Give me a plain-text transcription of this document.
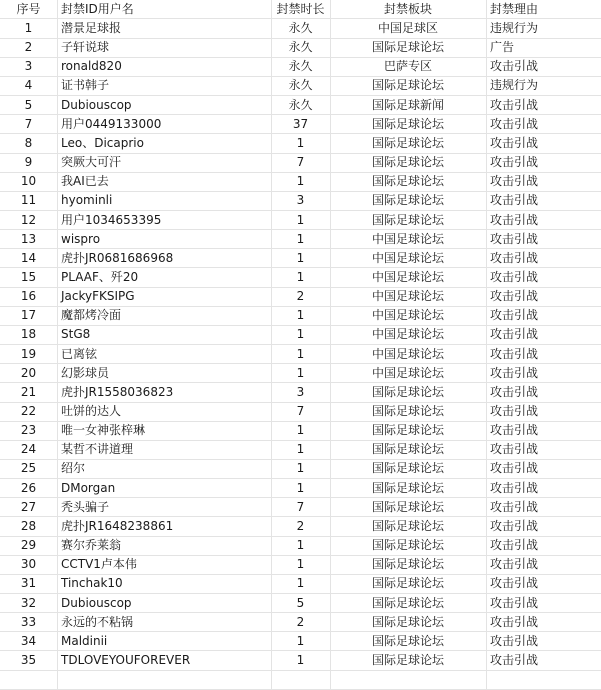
序号	封禁ID用户名	封禁时长	封禁板块	封禁理由
1	潜景足球报	永久	中国足球区	违规行为
2	子轩说球	永久	国际足球论坛	广告
3	ronald820	永久	巴萨专区	攻击引战
4	证书韩子	永久	国际足球论坛	违规行为
5	Dubiouscop	永久	国际足球新闻	攻击引战
7	用户0449133000	37	国际足球论坛	攻击引战
8	Leo、Dicaprio	1	国际足球论坛	攻击引战
9	突厥大可汗	7	国际足球论坛	攻击引战
10	我AI已去	1	国际足球论坛	攻击引战
11	hyominli	3	国际足球论坛	攻击引战
12	用户1034653395	1	国际足球论坛	攻击引战
13	wispro	1	中国足球论坛	攻击引战
14	虎扑JR0681686968	1	中国足球论坛	攻击引战
15	PLAAF、歼20	1	中国足球论坛	攻击引战
16	JackyFKSIPG	2	中国足球论坛	攻击引战
17	魔都烤冷面	1	中国足球论坛	攻击引战
18	StG8	1	中国足球论坛	攻击引战
19	已离铉	1	中国足球论坛	攻击引战
20	幻影球员	1	中国足球论坛	攻击引战
21	虎扑JR1558036823	3	国际足球论坛	攻击引战
22	吐饼的达人	7	国际足球论坛	攻击引战
23	唯一女神张梓琳	1	国际足球论坛	攻击引战
24	某哲不讲道理	1	国际足球论坛	攻击引战
25	绍尔	1	国际足球论坛	攻击引战
26	DMorgan	1	国际足球论坛	攻击引战
27	秃头骗子	7	国际足球论坛	攻击引战
28	虎扑JR1648238861	2	国际足球论坛	攻击引战
29	赛尔乔莱翁	1	国际足球论坛	攻击引战
30	CCTV1卢本伟	1	国际足球论坛	攻击引战
31	Tinchak10	1	国际足球论坛	攻击引战
32	Dubiouscop	5	国际足球论坛	攻击引战
33	永远的不粘锅	2	国际足球论坛	攻击引战
34	Maldinii	1	国际足球论坛	攻击引战
35	TDLOVEYOUFOREVER	1	国际足球论坛	攻击引战
